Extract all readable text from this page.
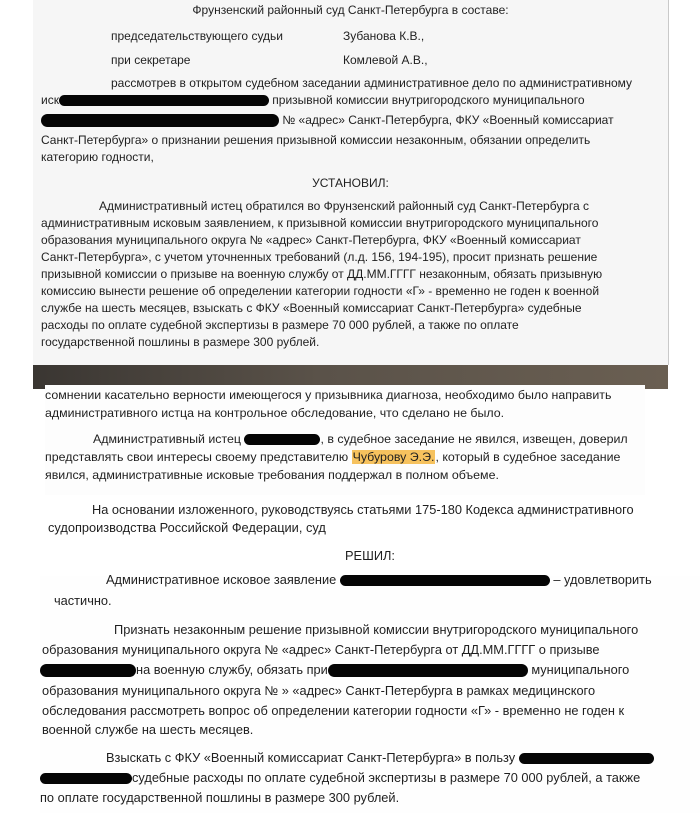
Фрунзенский районный суд Санкт-Петербурга в составе:
председательствующего судьи	Зубанова К.В.,
при секретаре	Комлевой А.В.,
рассмотрев в открытом судебном заседании административное дело по административному
иск	призывной комиссии внутригородского муниципального
№ «адрес» Санкт-Петербурга, ФКУ «Военный комиссариат
Санкт-Петербурга» о признании решения призывной комиссии незаконным, обязании определить
категорию годности,
УСТАНОВИЛ:
Административный истец обратился во Фрунзенский районный суд Санкт-Петербурга с
административным исковым заявлением, к призывной комиссии внутригородского муниципального
образования муниципального округа № «адрес» Санкт-Петербурга, ФКУ «Военный комиссариат
Санкт-Петербурга», с учетом уточненных требований (л.д. 156, 194-195), просит признать решение
призывной комиссии о призыве на военную службу от ДД.ММ.ГГГГ незаконным, обязать призывную
комиссию вынести решение об определении категории годности «Г» - временно не годен к военной
службе на шесть месяцев, взыскать с ФКУ «Военный комиссариат Санкт-Петербурга» судебные
расходы по оплате судебной экспертизы в размере 70 000 рублей, а также по оплате
государственной пошлины в размере 300 рублей.
сомнении касательно верности имеющегося у призывника диагноза, необходимо было направить
административного истца на контрольное обследование, что сделано не было.
Административный истец	, в судебное заседание не явился, извещен, доверил
представлять свои интересы своему представителю Чубурову Э.Э., который в судебное заседание
явился, административные исковые требования поддержал в полном объеме.
На основании изложенного, руководствуясь статьями 175-180 Кодекса административного
судопроизводства Российской Федерации, суд
РЕШИЛ:
Административное исковое заявление	– удовлетворить
частично.
Признать незаконным решение призывной комиссии внутригородского муниципального
образования муниципального округа № «адрес» Санкт-Петербурга от ДД.ММ.ГГГГ о призыве
на военную службу, обязать при	муниципального
образования муниципального округа № » «адрес» Санкт-Петербурга в рамках медицинского
обследования рассмотреть вопрос об определении категории годности «Г» - временно не годен к
военной службе на шесть месяцев.
Взыскать с ФКУ «Военный комиссариат Санкт-Петербурга» в пользу
судебные расходы по оплате судебной экспертизы в размере 70 000 рублей, а также
по оплате государственной пошлины в размере 300 рублей.
